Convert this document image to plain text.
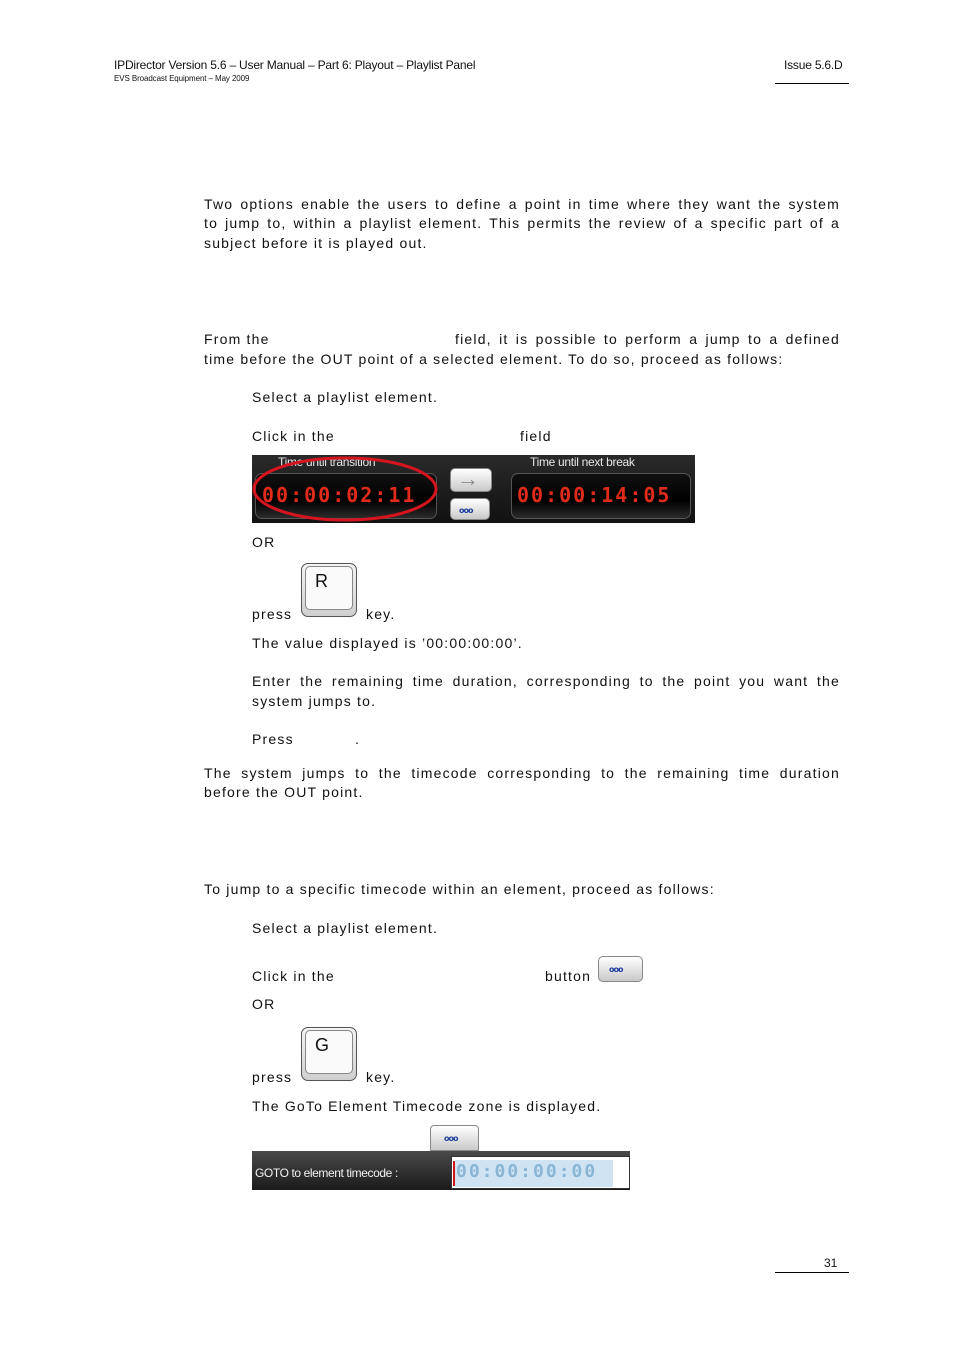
IPDirector Version 5.6 – User Manual – Part 6: Playout – Playlist Panel
EVS Broadcast Equipment – May 2009
Issue 5.6.D
Two options enable the users to define a point in time where they want the system
to jump to, within a playlist element. This permits the review of a specific part of a
subject before it is played out.
From the	field, it is possible to perform a jump to a defined
time before the OUT point of a selected element. To do so, proceed as follows:
Select a playlist element.
Click in the	field
Time until transition
00:00:02:11
→
ooo
Time until next break
00:00:14:05
OR
R
press	key.
The value displayed is ’00:00:00:00’.
Enter the remaining time duration, corresponding to the point you want the
system jumps to.
Press	.
The system jumps to the timecode corresponding to the remaining time duration
before the OUT point.
To jump to a specific timecode within an element, proceed as follows:
Select a playlist element.
Click in the	button ooo
OR
G
press	key.
The GoTo Element Timecode zone is displayed.
ooo
GOTO to element timecode :	00:00:00:00
31
